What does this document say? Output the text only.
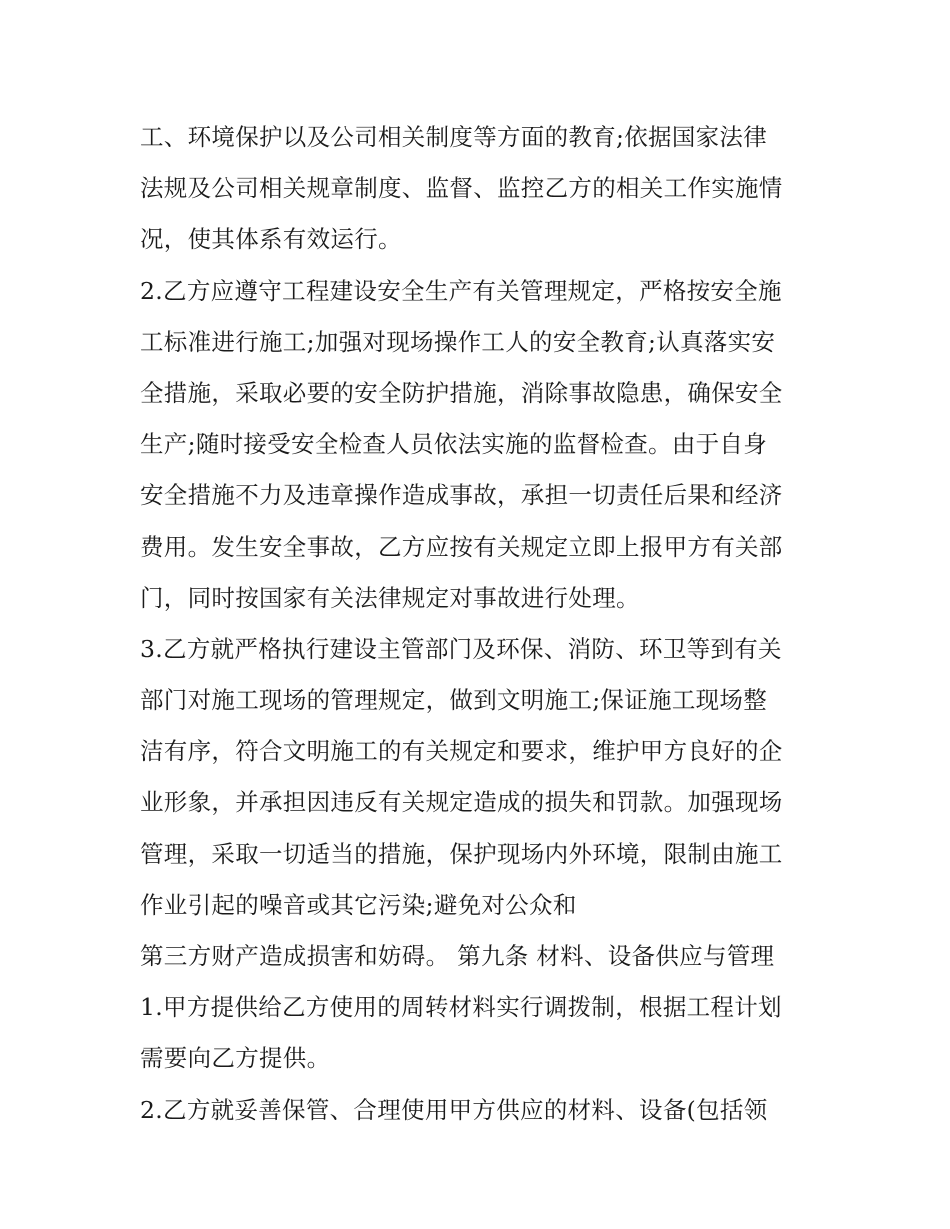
工、环境保护以及公司相关制度等方面的教育;依据国家法律
法规及公司相关规章制度、监督、监控乙方的相关工作实施情
况，使其体系有效运行。
2.乙方应遵守工程建设安全生产有关管理规定，严格按安全施
工标准进行施工;加强对现场操作工人的安全教育;认真落实安
全措施，采取必要的安全防护措施，消除事故隐患，确保安全
生产;随时接受安全检查人员依法实施的监督检查。由于自身
安全措施不力及违章操作造成事故，承担一切责任后果和经济
费用。发生安全事故，乙方应按有关规定立即上报甲方有关部
门，同时按国家有关法律规定对事故进行处理。
3.乙方就严格执行建设主管部门及环保、消防、环卫等到有关
部门对施工现场的管理规定，做到文明施工;保证施工现场整
洁有序，符合文明施工的有关规定和要求，维护甲方良好的企
业形象，并承担因违反有关规定造成的损失和罚款。加强现场
管理，采取一切适当的措施，保护现场内外环境，限制由施工
作业引起的噪音或其它污染;避免对公众和
第三方财产造成损害和妨碍。 第九条 材料、设备供应与管理
1.甲方提供给乙方使用的周转材料实行调拨制，根据工程计划
需要向乙方提供。
2.乙方就妥善保管、合理使用甲方供应的材料、设备(包括领
